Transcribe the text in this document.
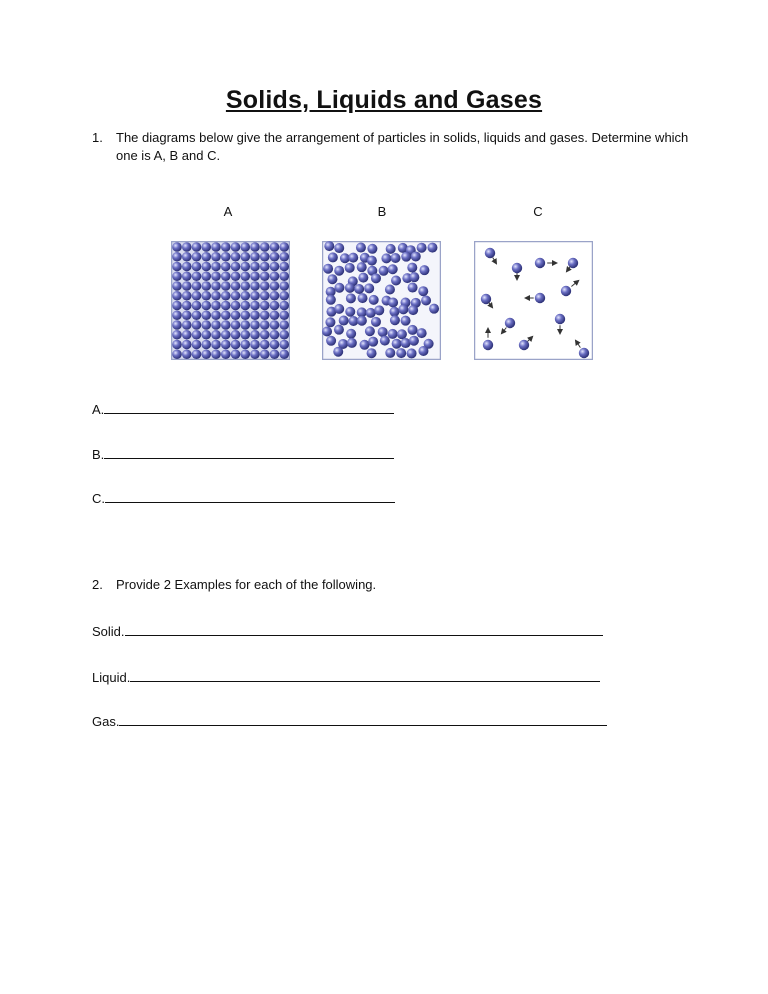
Solids, Liquids and Gases
1. The diagrams below give the arrangement of particles in solids, liquids and gases. Determine which one is A, B and C.
A	B	C
A.
B.
C.
2. Provide 2 Examples for each of the following.
Solid.
Liquid.
Gas.
